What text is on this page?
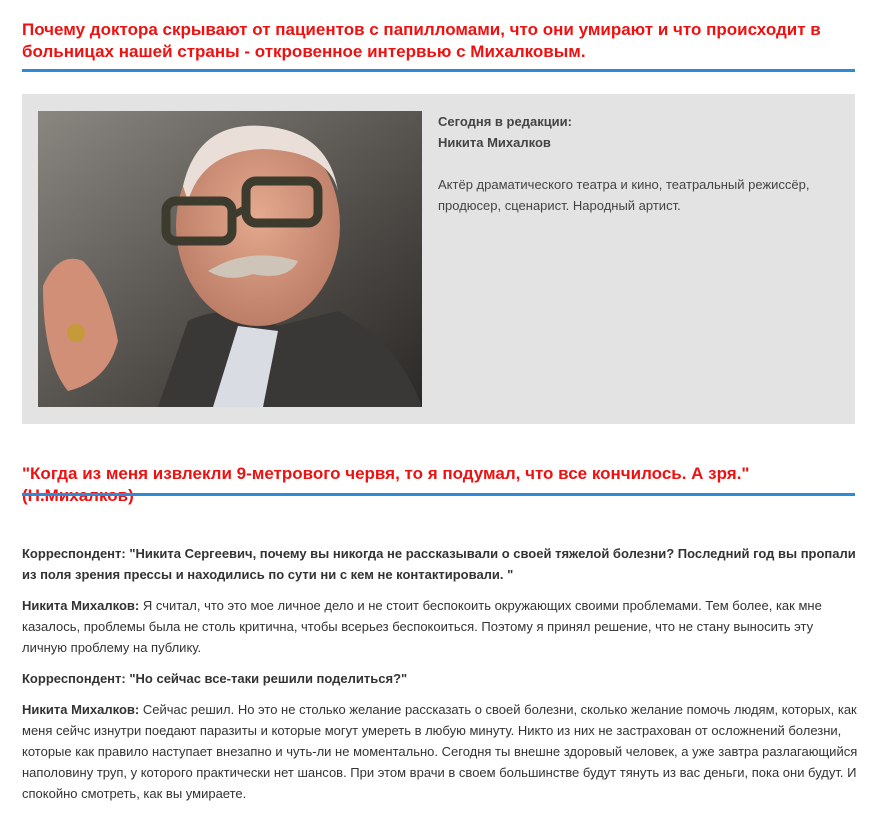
Почему доктора скрывают от пациентов с папилломами, что они умирают и что происходит в больницах нашей страны - откровенное интервью с Михалковым.
Сегодня в редакции:
Никита Михалков
Актёр драматического театра и кино, театральный режиссёр, продюсер, сценарист. Народный артист.
"Когда из меня извлекли 9-метрового червя, то я подумал, что все кончилось. А зря."

Корреспондент: "Никита Сергеевич, почему вы никогда не рассказывали о своей тяжелой болезни? Последний год вы пропали из поля зрения прессы и находились по сути ни с кем не контактировали. "

Никита Михалков: Я считал, что это мое личное дело и не стоит беспокоить окружающих своими проблемами. Тем более, как мне казалось, проблемы была не столь критична, чтобы всерьез беспокоиться. Поэтому я принял решение, что не стану выносить эту личную проблему на публику.

Корреспондент: "Но сейчас все-таки решили поделиться?"

Никита Михалков: Сейчас решил. Но это не столько желание рассказать о своей болезни, сколько желание помочь людям, которых, как меня сейчс изнутри поедают паразиты и которые могут умереть в любую минуту. Никто из них не застрахован от осложнений болезни, которые как правило наступает внезапно и чуть-ли не моментально. Сегодня ты внешне здоровый человек, а уже завтра разлагающийся наполовину труп, у которого практически нет шансов. При этом врачи в своем большинстве будут тянуть из вас деньги, пока они будут. И спокойно смотреть, как вы умираете.
